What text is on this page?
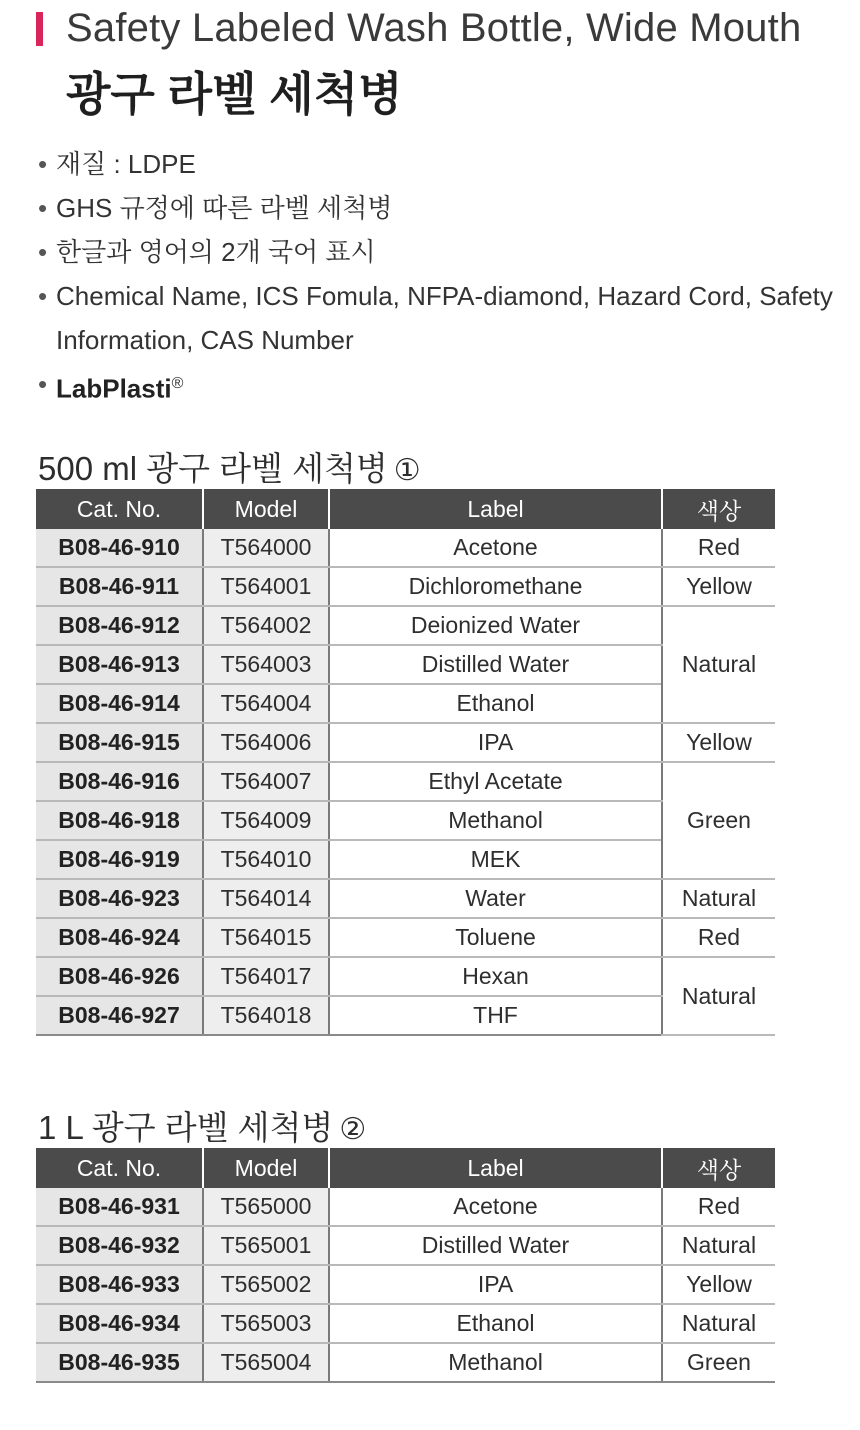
Safety Labeled Wash Bottle, Wide Mouth
광구 라벨 세척병
• 재질 : LDPE
• GHS 규정에 따른 라벨 세척병
• 한글과 영어의 2개 국어 표시
• Chemical Name, ICS Fomula, NFPA-diamond, Hazard Cord, Safety Information, CAS Number
• LabPlasti®
500 ml 광구 라벨 세척병 ①
Cat. No.	Model	Label	색상
B08-46-910	T564000	Acetone	Red
B08-46-911	T564001	Dichloromethane	Yellow
B08-46-912	T564002	Deionized Water	Natural
B08-46-913	T564003	Distilled Water	
B08-46-914	T564004	Ethanol	
B08-46-915	T564006	IPA	Yellow
B08-46-916	T564007	Ethyl Acetate	Green
B08-46-918	T564009	Methanol	
B08-46-919	T564010	MEK	
B08-46-923	T564014	Water	Natural
B08-46-924	T564015	Toluene	Red
B08-46-926	T564017	Hexan	Natural
B08-46-927	T564018	THF	
1 L 광구 라벨 세척병 ②
Cat. No.	Model	Label	색상
B08-46-931	T565000	Acetone	Red
B08-46-932	T565001	Distilled Water	Natural
B08-46-933	T565002	IPA	Yellow
B08-46-934	T565003	Ethanol	Natural
B08-46-935	T565004	Methanol	Green
